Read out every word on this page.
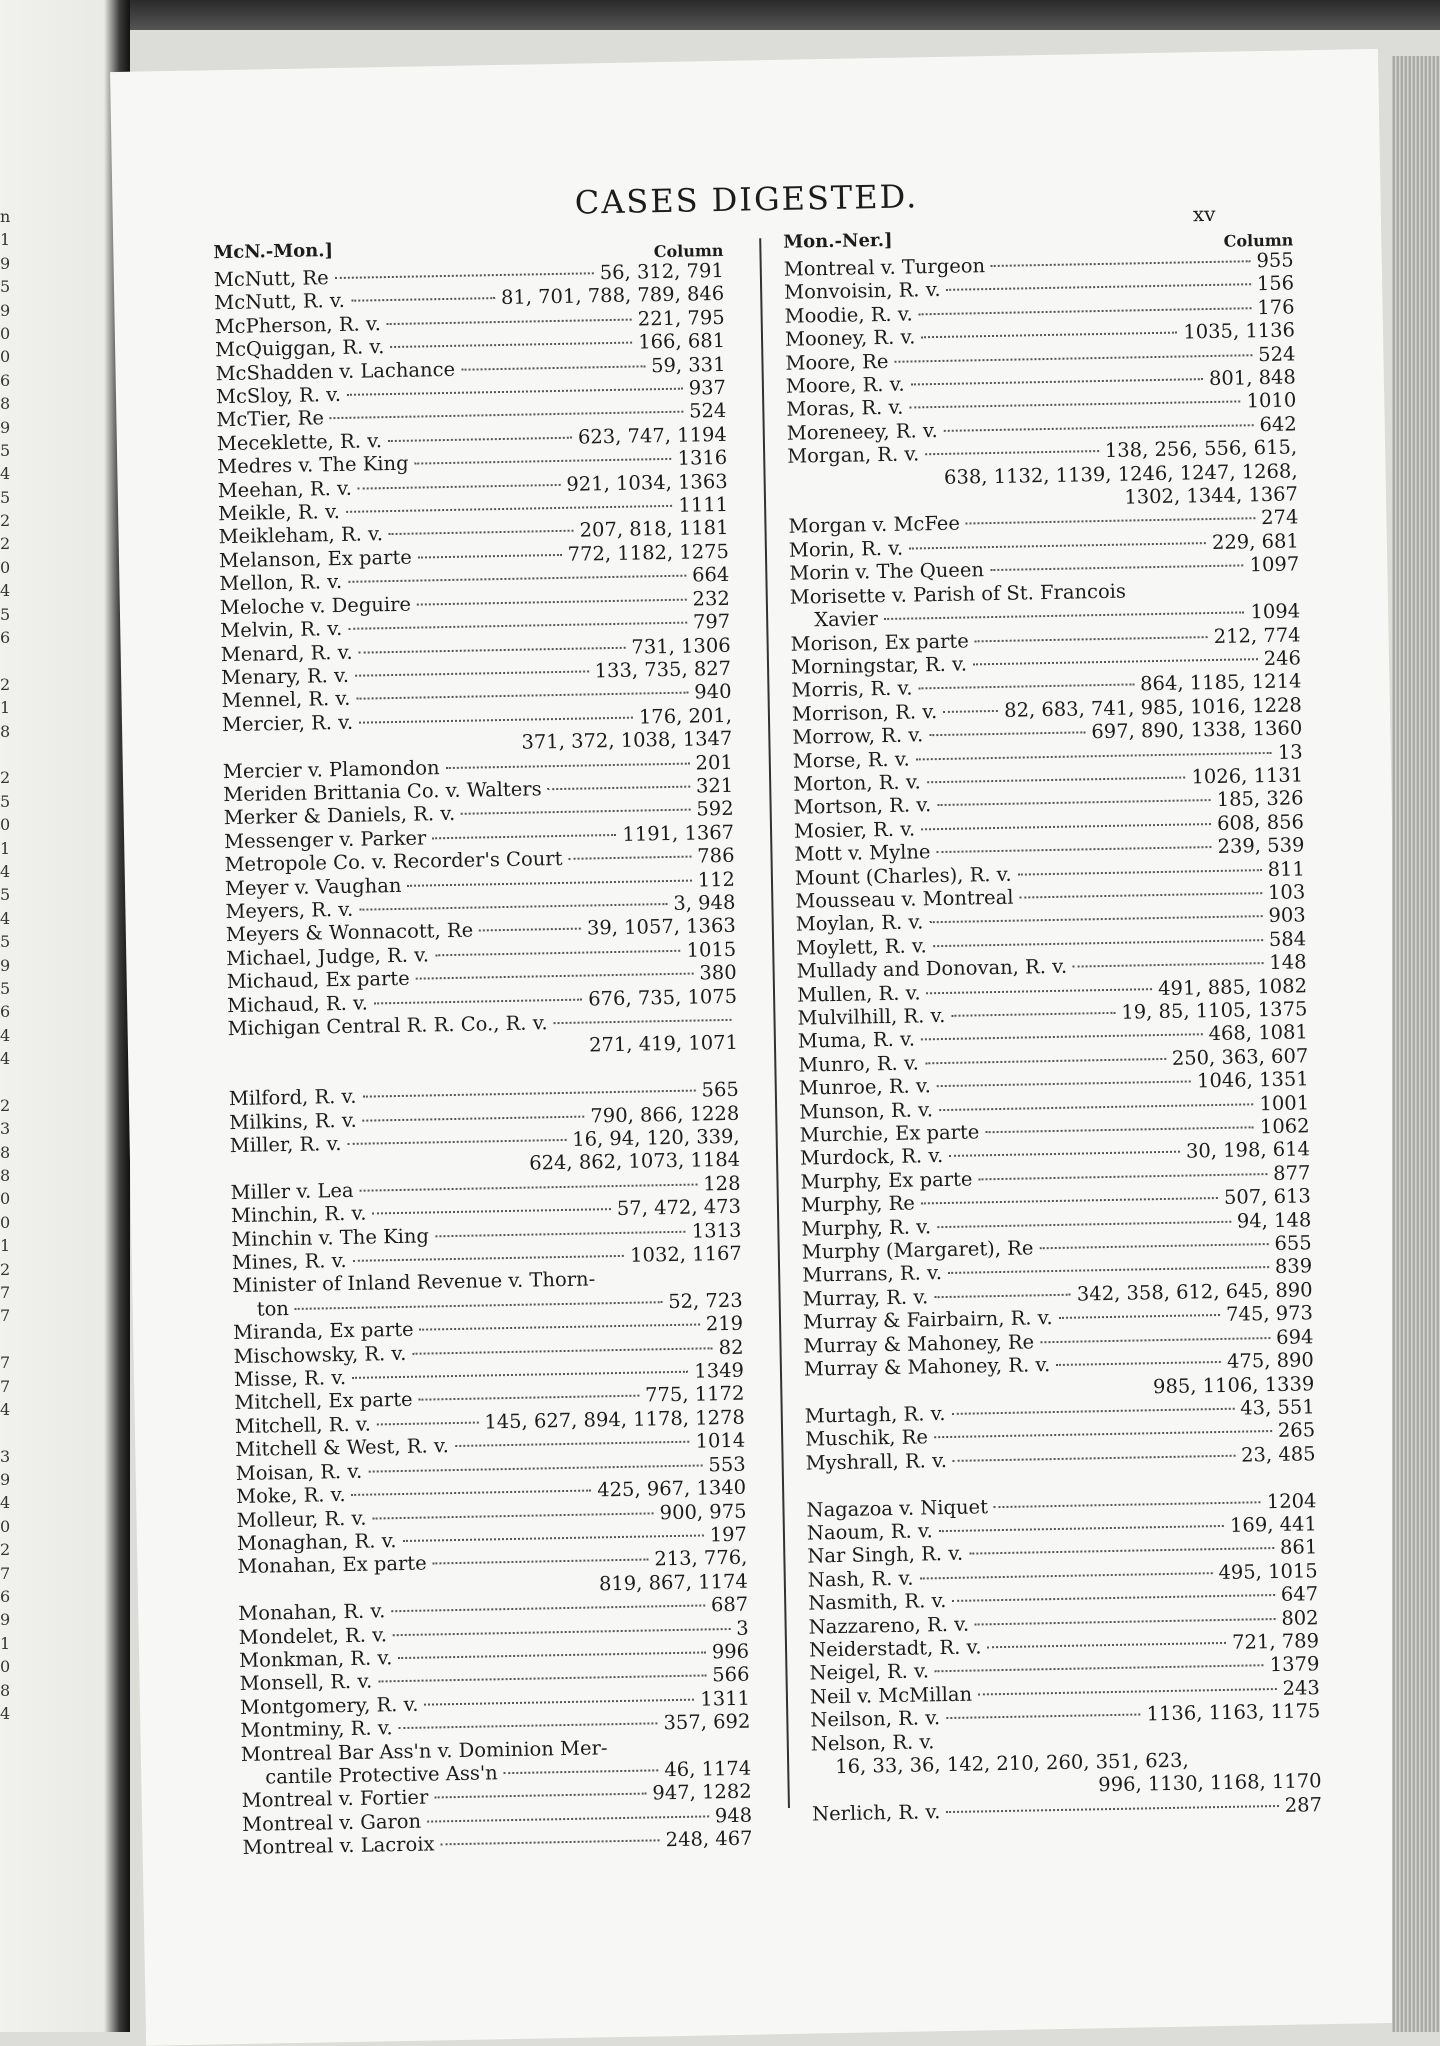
n
1
9
5
9
0
0
6
8
9
5
4
5
2
2
0
4
5
6
2
1
8
2
5
0
1
4
5
4
5
9
5
6
4
4
2
3
8
8
0
0
1
2
7
7
7
7
4
3
9
4
0
2
7
6
9
1
0
8
4
CASES DIGESTED.	xv
McN.-Mon.]	Column
McNutt, Re	56, 312, 791
McNutt, R. v.	81, 701, 788, 789, 846
McPherson, R. v.	221, 795
McQuiggan, R. v.	166, 681
McShadden v. Lachance	59, 331
McSloy, R. v.	937
McTier, Re	524
Meceklette, R. v.	623, 747, 1194
Medres v. The King	1316
Meehan, R. v.	921, 1034, 1363
Meikle, R. v.	1111
Meikleham, R. v.	207, 818, 1181
Melanson, Ex parte	772, 1182, 1275
Mellon, R. v.	664
Meloche v. Deguire	232
Melvin, R. v.	797
Menard, R. v.	731, 1306
Menary, R. v.	133, 735, 827
Mennel, R. v.	940
Mercier, R. v.	176, 201,
371, 372, 1038, 1347
Mercier v. Plamondon	201
Meriden Brittania Co. v. Walters	321
Merker & Daniels, R. v.	592
Messenger v. Parker	1191, 1367
Metropole Co. v. Recorder's Court	786
Meyer v. Vaughan	112
Meyers, R. v.	3, 948
Meyers & Wonnacott, Re	39, 1057, 1363
Michael, Judge, R. v.	1015
Michaud, Ex parte	380
Michaud, R. v.	676, 735, 1075
Michigan Central R. R. Co., R. v.
271, 419, 1071
Milford, R. v.	565
Milkins, R. v.	790, 866, 1228
Miller, R. v.	16, 94, 120, 339,
624, 862, 1073, 1184
Miller v. Lea	128
Minchin, R. v.	57, 472, 473
Minchin v. The King	1313
Mines, R. v.	1032, 1167
Minister of Inland Revenue v. Thorn-
ton	52, 723
Miranda, Ex parte	219
Mischowsky, R. v.	82
Misse, R. v.	1349
Mitchell, Ex parte	775, 1172
Mitchell, R. v.	145, 627, 894, 1178, 1278
Mitchell & West, R. v.	1014
Moisan, R. v.	553
Moke, R. v.	425, 967, 1340
Molleur, R. v.	900, 975
Monaghan, R. v.	197
Monahan, Ex parte	213, 776,
819, 867, 1174
Monahan, R. v.	687
Mondelet, R. v.	3
Monkman, R. v.	996
Monsell, R. v.	566
Montgomery, R. v.	1311
Montminy, R. v.	357, 692
Montreal Bar Ass'n v. Dominion Mer-
cantile Protective Ass'n	46, 1174
Montreal v. Fortier	947, 1282
Montreal v. Garon	948
Montreal v. Lacroix	248, 467
Mon.-Ner.]	Column
Montreal v. Turgeon	955
Monvoisin, R. v.	156
Moodie, R. v.	176
Mooney, R. v.	1035, 1136
Moore, Re	524
Moore, R. v.	801, 848
Moras, R. v.	1010
Moreneey, R. v.	642
Morgan, R. v.	138, 256, 556, 615,
638, 1132, 1139, 1246, 1247, 1268,
1302, 1344, 1367
Morgan v. McFee	274
Morin, R. v.	229, 681
Morin v. The Queen	1097
Morisette v. Parish of St. Francois
Xavier	1094
Morison, Ex parte	212, 774
Morningstar, R. v.	246
Morris, R. v.	864, 1185, 1214
Morrison, R. v.	82, 683, 741, 985, 1016, 1228
Morrow, R. v.	697, 890, 1338, 1360
Morse, R. v.	13
Morton, R. v.	1026, 1131
Mortson, R. v.	185, 326
Mosier, R. v.	608, 856
Mott v. Mylne	239, 539
Mount (Charles), R. v.	811
Mousseau v. Montreal	103
Moylan, R. v.	903
Moylett, R. v.	584
Mullady and Donovan, R. v.	148
Mullen, R. v.	491, 885, 1082
Mulvilhill, R. v.	19, 85, 1105, 1375
Muma, R. v.	468, 1081
Munro, R. v.	250, 363, 607
Munroe, R. v.	1046, 1351
Munson, R. v.	1001
Murchie, Ex parte	1062
Murdock, R. v.	30, 198, 614
Murphy, Ex parte	877
Murphy, Re	507, 613
Murphy, R. v.	94, 148
Murphy (Margaret), Re	655
Murrans, R. v.	839
Murray, R. v.	342, 358, 612, 645, 890
Murray & Fairbairn, R. v.	745, 973
Murray & Mahoney, Re	694
Murray & Mahoney, R. v.	475, 890
985, 1106, 1339
Murtagh, R. v.	43, 551
Muschik, Re	265
Myshrall, R. v.	23, 485
Nagazoa v. Niquet	1204
Naoum, R. v.	169, 441
Nar Singh, R. v.	861
Nash, R. v.	495, 1015
Nasmith, R. v.	647
Nazzareno, R. v.	802
Neiderstadt, R. v.	721, 789
Neigel, R. v.	1379
Neil v. McMillan	243
Neilson, R. v.	1136, 1163, 1175
Nelson, R. v.
16, 33, 36, 142, 210, 260, 351, 623,
996, 1130, 1168, 1170
Nerlich, R. v.	287
